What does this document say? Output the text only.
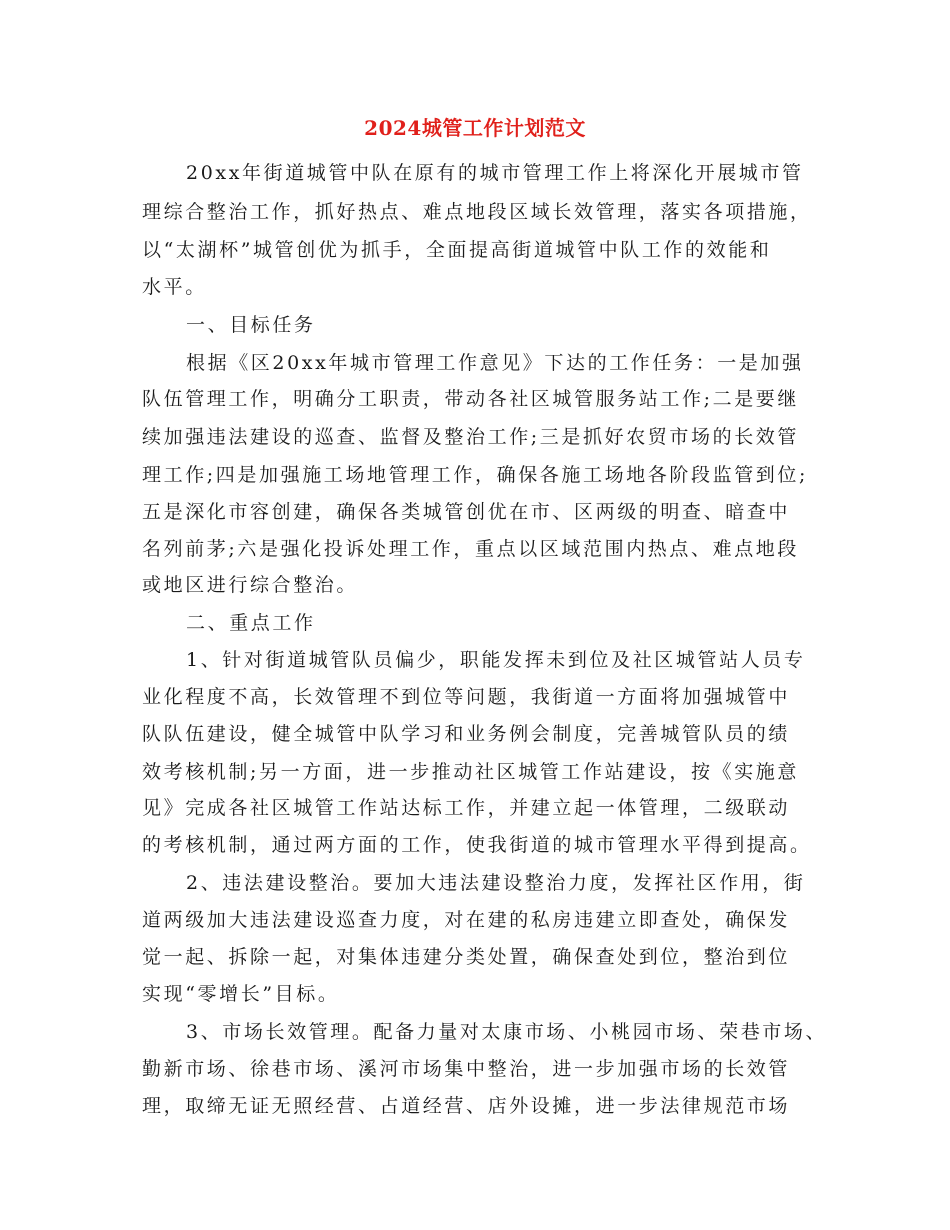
2024城管工作计划范文
20xx年街道城管中队在原有的城市管理工作上将深化开展城市管
理综合整治工作，抓好热点、难点地段区域长效管理，落实各项措施，
以“太湖杯”城管创优为抓手，全面提高街道城管中队工作的效能和
水平。
一、目标任务
根据《区20xx年城市管理工作意见》下达的工作任务：一是加强
队伍管理工作，明确分工职责，带动各社区城管服务站工作;二是要继
续加强违法建设的巡查、监督及整治工作;三是抓好农贸市场的长效管
理工作;四是加强施工场地管理工作，确保各施工场地各阶段监管到位;
五是深化市容创建，确保各类城管创优在市、区两级的明查、暗查中
名列前茅;六是强化投诉处理工作，重点以区域范围内热点、难点地段
或地区进行综合整治。
二、重点工作
1、针对街道城管队员偏少，职能发挥未到位及社区城管站人员专
业化程度不高，长效管理不到位等问题，我街道一方面将加强城管中
队队伍建设，健全城管中队学习和业务例会制度，完善城管队员的绩
效考核机制;另一方面，进一步推动社区城管工作站建设，按《实施意
见》完成各社区城管工作站达标工作，并建立起一体管理，二级联动
的考核机制，通过两方面的工作，使我街道的城市管理水平得到提高。
2、违法建设整治。要加大违法建设整治力度，发挥社区作用，街
道两级加大违法建设巡查力度，对在建的私房违建立即查处，确保发
觉一起、拆除一起，对集体违建分类处置，确保查处到位，整治到位
实现“零增长”目标。
3、市场长效管理。配备力量对太康市场、小桃园市场、荣巷市场、
勤新市场、徐巷市场、溪河市场集中整治，进一步加强市场的长效管
理，取缔无证无照经营、占道经营、店外设摊，进一步法律规范市场
